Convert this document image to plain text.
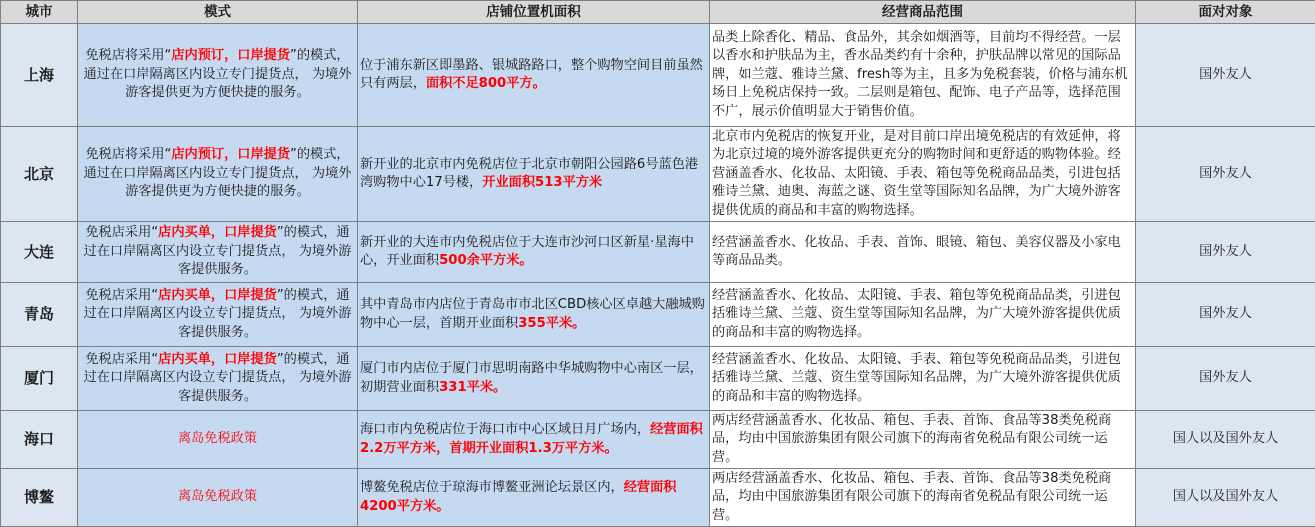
城市	模式	店铺位置机面积	经营商品范围	面对对象
上海	免税店将采用“店内预订，口岸提货”的模式，通过在口岸隔离区内设立专门提货点， 为境外游客提供更为方便快捷的服务。	位于浦东新区即墨路、银城路路口，整个购物空间目前虽然只有两层，面积不足800平方。	品类上除香化、精品、食品外，其余如烟酒等，目前均不得经营。一层以香水和护肤品为主，香水品类约有十余种，护肤品牌以常见的国际品牌，如兰蔻、雅诗兰黛、fresh等为主，且多为免税套装，价格与浦东机场日上免税店保持一致。二层则是箱包、配饰、电子产品等，选择范围不广，展示价值明显大于销售价值。	国外友人
北京	免税店将采用“店内预订，口岸提货”的模式，通过在口岸隔离区内设立专门提货点， 为境外游客提供更为方便快捷的服务。	新开业的北京市内免税店位于北京市朝阳公园路6号蓝色港湾购物中心17号楼，开业面积513平方米	北京市内免税店的恢复开业，是对目前口岸出境免税店的有效延伸，将为北京过境的境外游客提供更充分的购物时间和更舒适的购物体验。经营涵盖香水、化妆品、太阳镜、手表、箱包等免税商品品类，引进包括雅诗兰黛、迪奥、海蓝之谜、资生堂等国际知名品牌，为广大境外游客提供优质的商品和丰富的购物选择。	国外友人
大连	免税店采用“店内买单，口岸提货”的模式，通过在口岸隔离区内设立专门提货点， 为境外游客提供服务。	新开业的大连市内免税店位于大连市沙河口区新星·星海中心，开业面积500余平方米。	经营涵盖香水、化妆品、手表、首饰、眼镜、箱包、美容仪器及小家电等商品品类。	国外友人
青岛	免税店采用“店内买单，口岸提货”的模式，通过在口岸隔离区内设立专门提货点， 为境外游客提供服务。	其中青岛市内店位于青岛市市北区CBD核心区卓越大融城购物中心一层，首期开业面积355平米。	经营涵盖香水、化妆品、太阳镜、手表、箱包等免税商品品类，引进包括雅诗兰黛、兰蔻、资生堂等国际知名品牌，为广大境外游客提供优质的商品和丰富的购物选择。	国外友人
厦门	免税店采用“店内买单，口岸提货”的模式，通过在口岸隔离区内设立专门提货点， 为境外游客提供服务。	厦门市内店位于厦门市思明南路中华城购物中心南区一层，初期营业面积331平米。	经营涵盖香水、化妆品、太阳镜、手表、箱包等免税商品品类，引进包括雅诗兰黛、兰蔻、资生堂等国际知名品牌，为广大境外游客提供优质的商品和丰富的购物选择。	国外友人
海口	离岛免税政策	海口市内免税店位于海口市中心区域日月广场内，经营面积2.2万平方米，首期开业面积1.3万平方米。	两店经营涵盖香水、化妆品、箱包、手表、首饰、食品等38类免税商品，均由中国旅游集团有限公司旗下的海南省免税品有限公司统一运营。	国人以及国外友人
博鳌	离岛免税政策	博鳌免税店位于琼海市博鳌亚洲论坛景区内，经营面积4200平方米。	两店经营涵盖香水、化妆品、箱包、手表、首饰、食品等38类免税商品，均由中国旅游集团有限公司旗下的海南省免税品有限公司统一运营。	国人以及国外友人
